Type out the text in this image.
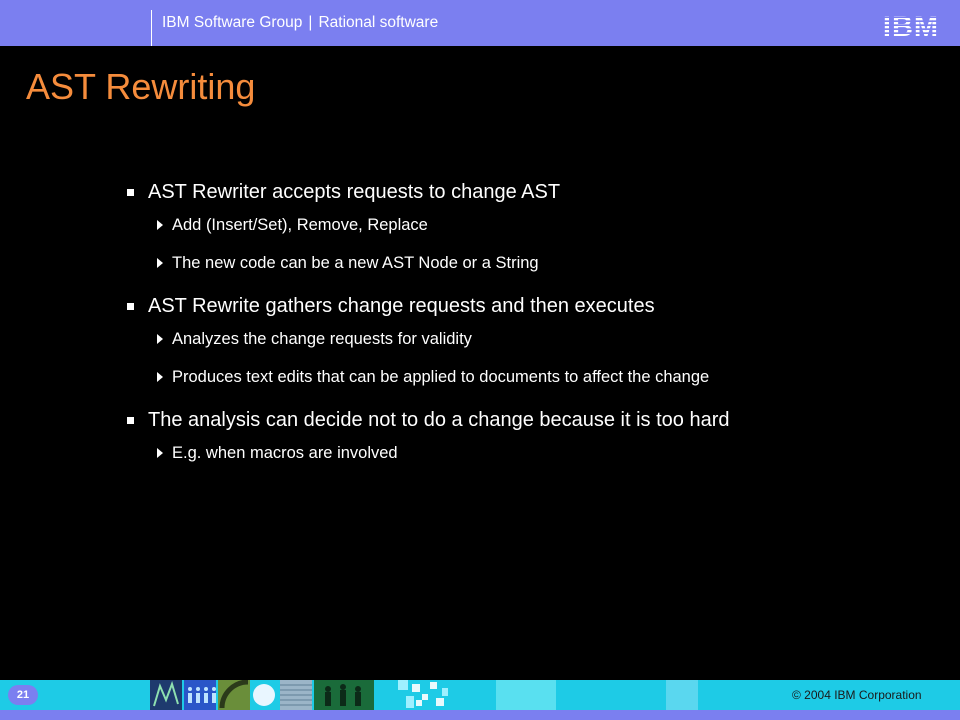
IBM Software Group | Rational software	IBM
AST Rewriting
AST Rewriter accepts requests to change AST
Add (Insert/Set), Remove, Replace
The new code can be a new AST Node or a String
AST Rewrite gathers change requests and then executes
Analyzes the change requests for validity
Produces text edits that can be applied to documents to affect the change
The analysis can decide not to do a change because it is too hard
E.g. when macros are involved
21	© 2004 IBM Corporation
